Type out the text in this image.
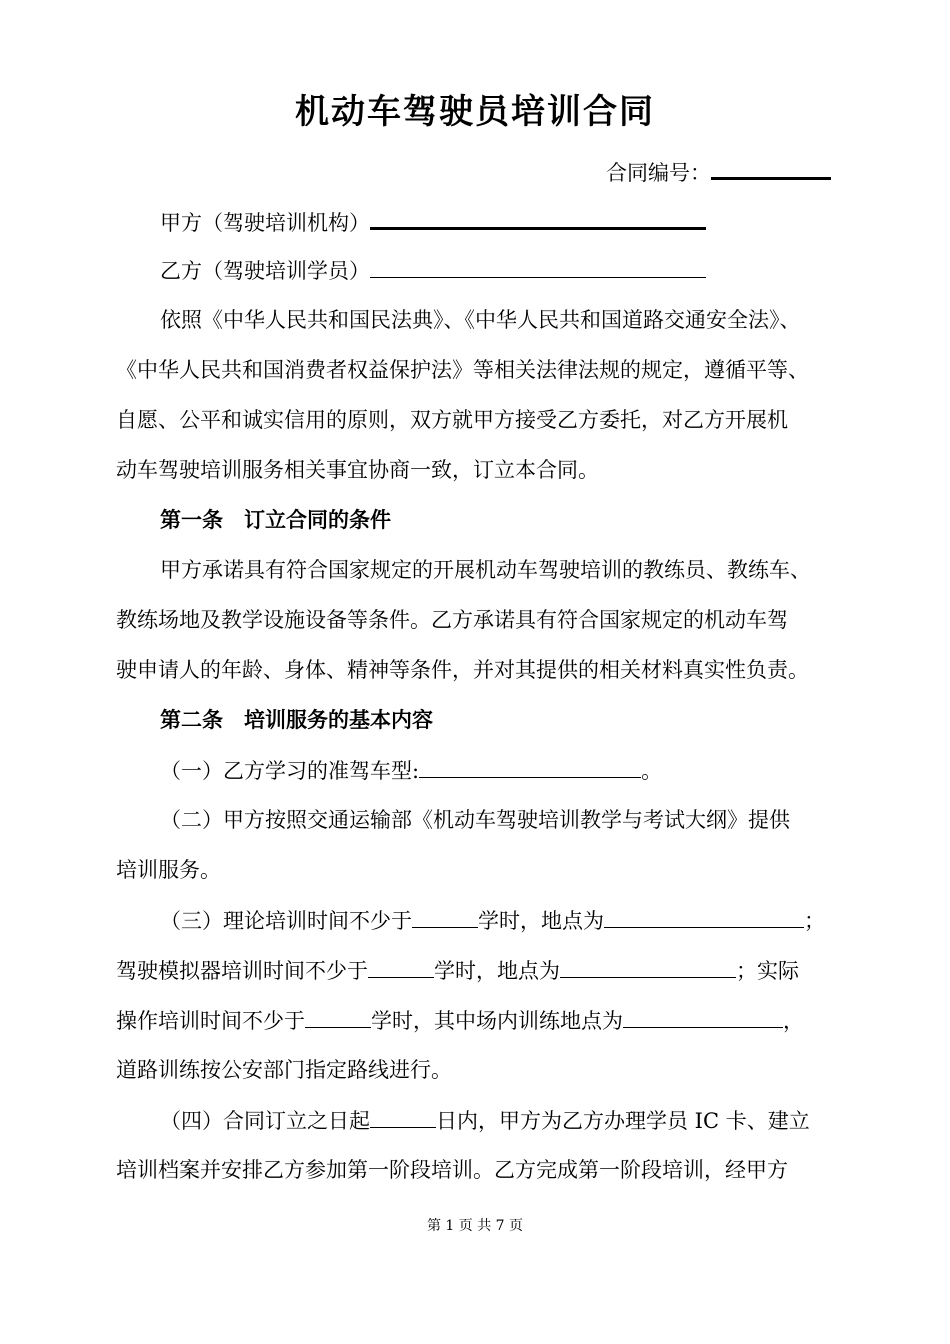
机动车驾驶员培训合同
合同编号：
甲方（驾驶培训机构）
乙方（驾驶培训学员）
依照《中华人民共和国民法典》、《中华人民共和国道路交通安全法》、
《中华人民共和国消费者权益保护法》等相关法律法规的规定，遵循平等、
自愿、公平和诚实信用的原则，双方就甲方接受乙方委托，对乙方开展机
动车驾驶培训服务相关事宜协商一致，订立本合同。
第一条　订立合同的条件
甲方承诺具有符合国家规定的开展机动车驾驶培训的教练员、教练车、
教练场地及教学设施设备等条件。乙方承诺具有符合国家规定的机动车驾
驶申请人的年龄、身体、精神等条件，并对其提供的相关材料真实性负责。
第二条　培训服务的基本内容
（一）乙方学习的准驾车型:	。
（二）甲方按照交通运输部《机动车驾驶培训教学与考试大纲》提供
培训服务。
（三）理论培训时间不少于	学时，地点为	；
驾驶模拟器培训时间不少于	学时，地点为	；实际
操作培训时间不少于	学时，其中场内训练地点为	，
道路训练按公安部门指定路线进行。
（四）合同订立之日起	日内，甲方为乙方办理学员 IC 卡、建立
培训档案并安排乙方参加第一阶段培训。乙方完成第一阶段培训，经甲方
第 1 页 共 7 页
